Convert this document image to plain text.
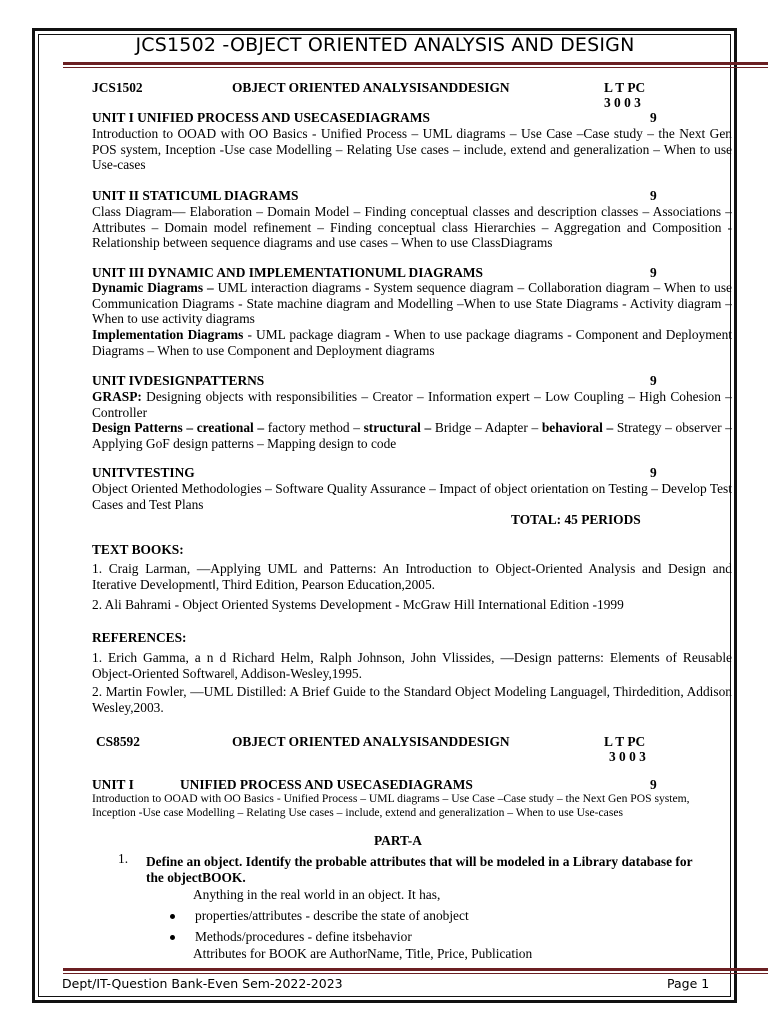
JCS1502 -OBJECT ORIENTED ANALYSIS AND DESIGN
JCS1502	OBJECT ORIENTED ANALYSISANDDESIGN	L T PC
3 0 0 3
UNIT I UNIFIED PROCESS AND USECASEDIAGRAMS	9
Introduction to OOAD with OO Basics - Unified Process – UML diagrams – Use Case –Case study – the Next Gen POS system, Inception -Use case Modelling – Relating Use cases – include, extend and generalization – When to use Use-cases
UNIT II STATICUML DIAGRAMS	9
Class Diagram–– Elaboration – Domain Model – Finding conceptual classes and description classes – Associations – Attributes – Domain model refinement – Finding conceptual class Hierarchies – Aggregation and Composition - Relationship between sequence diagrams and use cases – When to use ClassDiagrams
UNIT III DYNAMIC AND IMPLEMENTATIONUML DIAGRAMS	9
Dynamic Diagrams – UML interaction diagrams - System sequence diagram – Collaboration diagram – When to use Communication Diagrams - State machine diagram and Modelling –When to use State Diagrams - Activity diagram – When to use activity diagrams
Implementation Diagrams - UML package diagram - When to use package diagrams - Component and Deployment Diagrams – When to use Component and Deployment diagrams
UNIT IVDESIGNPATTERNS	9
GRASP: Designing objects with responsibilities – Creator – Information expert – Low Coupling – High Cohesion – Controller
Design Patterns – creational – factory method – structural – Bridge – Adapter – behavioral – Strategy – observer –Applying GoF design patterns – Mapping design to code
UNITVTESTING	9
Object Oriented Methodologies – Software Quality Assurance – Impact of object orientation on Testing – Develop Test Cases and Test Plans
TOTAL: 45 PERIODS
TEXT BOOKS:
1. Craig Larman, ―Applying UML and Patterns: An Introduction to Object-Oriented Analysis and Design and Iterative Development‖, Third Edition, Pearson Education,2005.
2. Ali Bahrami - Object Oriented Systems Development - McGraw Hill International Edition -1999
REFERENCES:
1. Erich Gamma, a n d Richard Helm, Ralph Johnson, John Vlissides, ―Design patterns: Elements of Reusable Object-Oriented Software‖, Addison-Wesley,1995.
2. Martin Fowler, ―UML Distilled: A Brief Guide to the Standard Object Modeling Language‖, Thirdedition, Addison Wesley,2003.
CS8592	OBJECT ORIENTED ANALYSISANDDESIGN	L T PC
3 0 0 3
UNIT I	UNIFIED PROCESS AND USECASEDIAGRAMS	9
Introduction to OOAD with OO Basics - Unified Process – UML diagrams – Use Case –Case study – the Next Gen POS system, Inception -Use case Modelling – Relating Use cases – include, extend and generalization – When to use Use-cases
PART-A
1. Define an object. Identify the probable attributes that will be modeled in a Library database for the objectBOOK.
Anything in the real world in an object. It has,
properties/attributes - describe the state of anobject
Methods/procedures - define itsbehavior
Attributes for BOOK are AuthorName, Title, Price, Publication
Dept/IT-Question Bank-Even Sem-2022-2023	Page 1
